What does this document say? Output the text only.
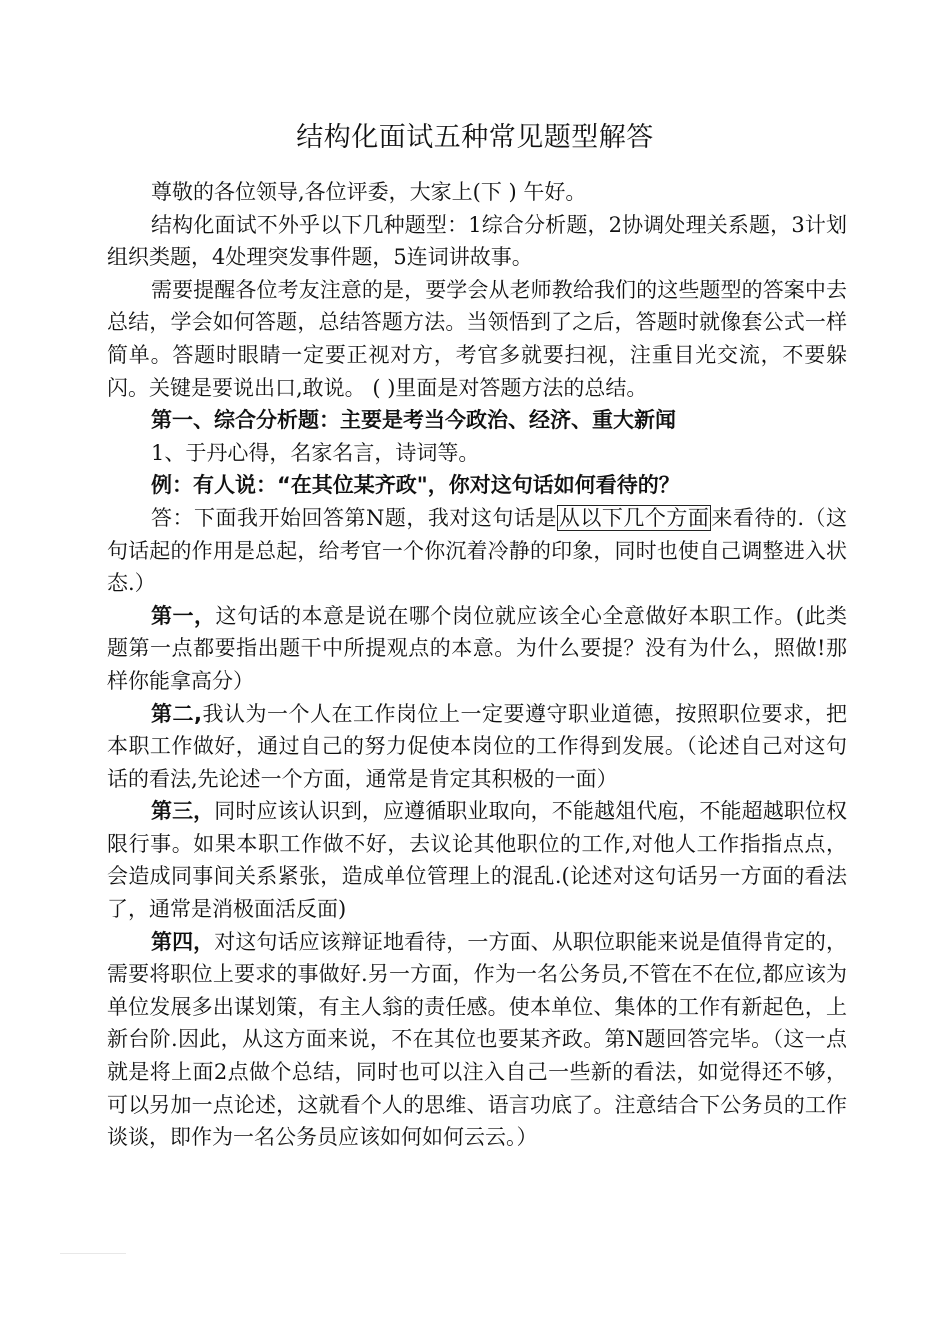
结构化面试五种常见题型解答

尊敬的各位领导,各位评委，大家上(下 ) 午好。

结构化面试不外乎以下几种题型：1综合分析题，2协调处理关系题，3计划组织类题，4处理突发事件题，5连词讲故事。

需要提醒各位考友注意的是，要学会从老师教给我们的这些题型的答案中去总结，学会如何答题，总结答题方法。当领悟到了之后，答题时就像套公式一样简单。答题时眼睛一定要正视对方，考官多就要扫视，注重目光交流，不要躲闪。关键是要说出口,敢说。 ( )里面是对答题方法的总结。

第一、综合分析题：主要是考当今政治、经济、重大新闻

1、于丹心得，名家名言，诗词等。

例：有人说：“在其位某齐政"，你对这句话如何看待的？

答：下面我开始回答第N题，我对这句话是从以下几个方面来看待的.（这句话起的作用是总起，给考官一个你沉着冷静的印象，同时也使自己调整进入状态.）

第一，这句话的本意是说在哪个岗位就应该全心全意做好本职工作。(此类题第一点都要指出题干中所提观点的本意。为什么要提？没有为什么，照做!那样你能拿高分）

第二,我认为一个人在工作岗位上一定要遵守职业道德，按照职位要求，把本职工作做好，通过自己的努力促使本岗位的工作得到发展。（论述自己对这句话的看法,先论述一个方面，通常是肯定其积极的一面）

第三，同时应该认识到，应遵循职业取向，不能越俎代庖，不能超越职位权限行事。如果本职工作做不好，去议论其他职位的工作,对他人工作指指点点，会造成同事间关系紧张，造成单位管理上的混乱.(论述对这句话另一方面的看法了，通常是消极面活反面)

第四，对这句话应该辩证地看待，一方面、从职位职能来说是值得肯定的，需要将职位上要求的事做好.另一方面，作为一名公务员,不管在不在位,都应该为单位发展多出谋划策，有主人翁的责任感。使本单位、集体的工作有新起色，上新台阶.因此，从这方面来说，不在其位也要某齐政。第N题回答完毕。（这一点就是将上面2点做个总结，同时也可以注入自己一些新的看法，如觉得还不够，可以另加一点论述，这就看个人的思维、语言功底了。注意结合下公务员的工作谈谈，即作为一名公务员应该如何如何云云。）
